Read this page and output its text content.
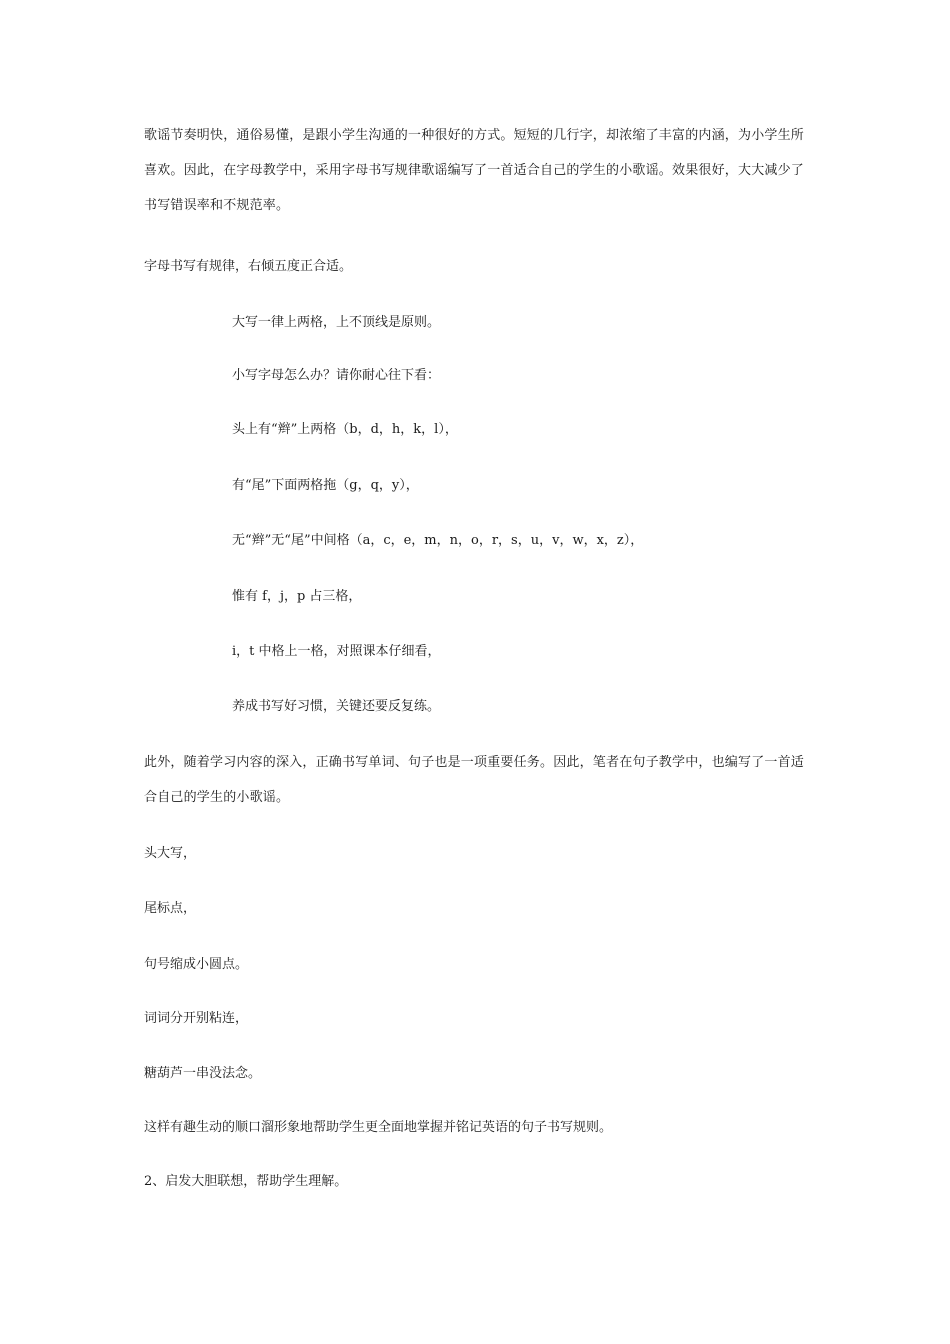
歌谣节奏明快，通俗易懂，是跟小学生沟通的一种很好的方式。短短的几行字，却浓缩了丰富的内涵，为小学生所喜欢。因此，在字母教学中，采用字母书写规律歌谣编写了一首适合自己的学生的小歌谣。效果很好，大大减少了书写错误率和不规范率。

字母书写有规律，右倾五度正合适。

大写一律上两格，上不顶线是原则。

小写字母怎么办？请你耐心往下看：

头上有“辫”上两格（b，d，h，k，l），

有“尾”下面两格拖（g，q，y），

无“辫”无“尾”中间格（a，c，e，m，n，o，r，s，u，v，w，x，z），

惟有 f，j，p 占三格，

i，t 中格上一格，对照课本仔细看，

养成书写好习惯，关键还要反复练。

此外，随着学习内容的深入，正确书写单词、句子也是一项重要任务。因此，笔者在句子教学中，也编写了一首适合自己的学生的小歌谣。

头大写，

尾标点，

句号缩成小圆点。

词词分开别粘连，

糖葫芦一串没法念。

这样有趣生动的顺口溜形象地帮助学生更全面地掌握并铭记英语的句子书写规则。

2、启发大胆联想，帮助学生理解。
